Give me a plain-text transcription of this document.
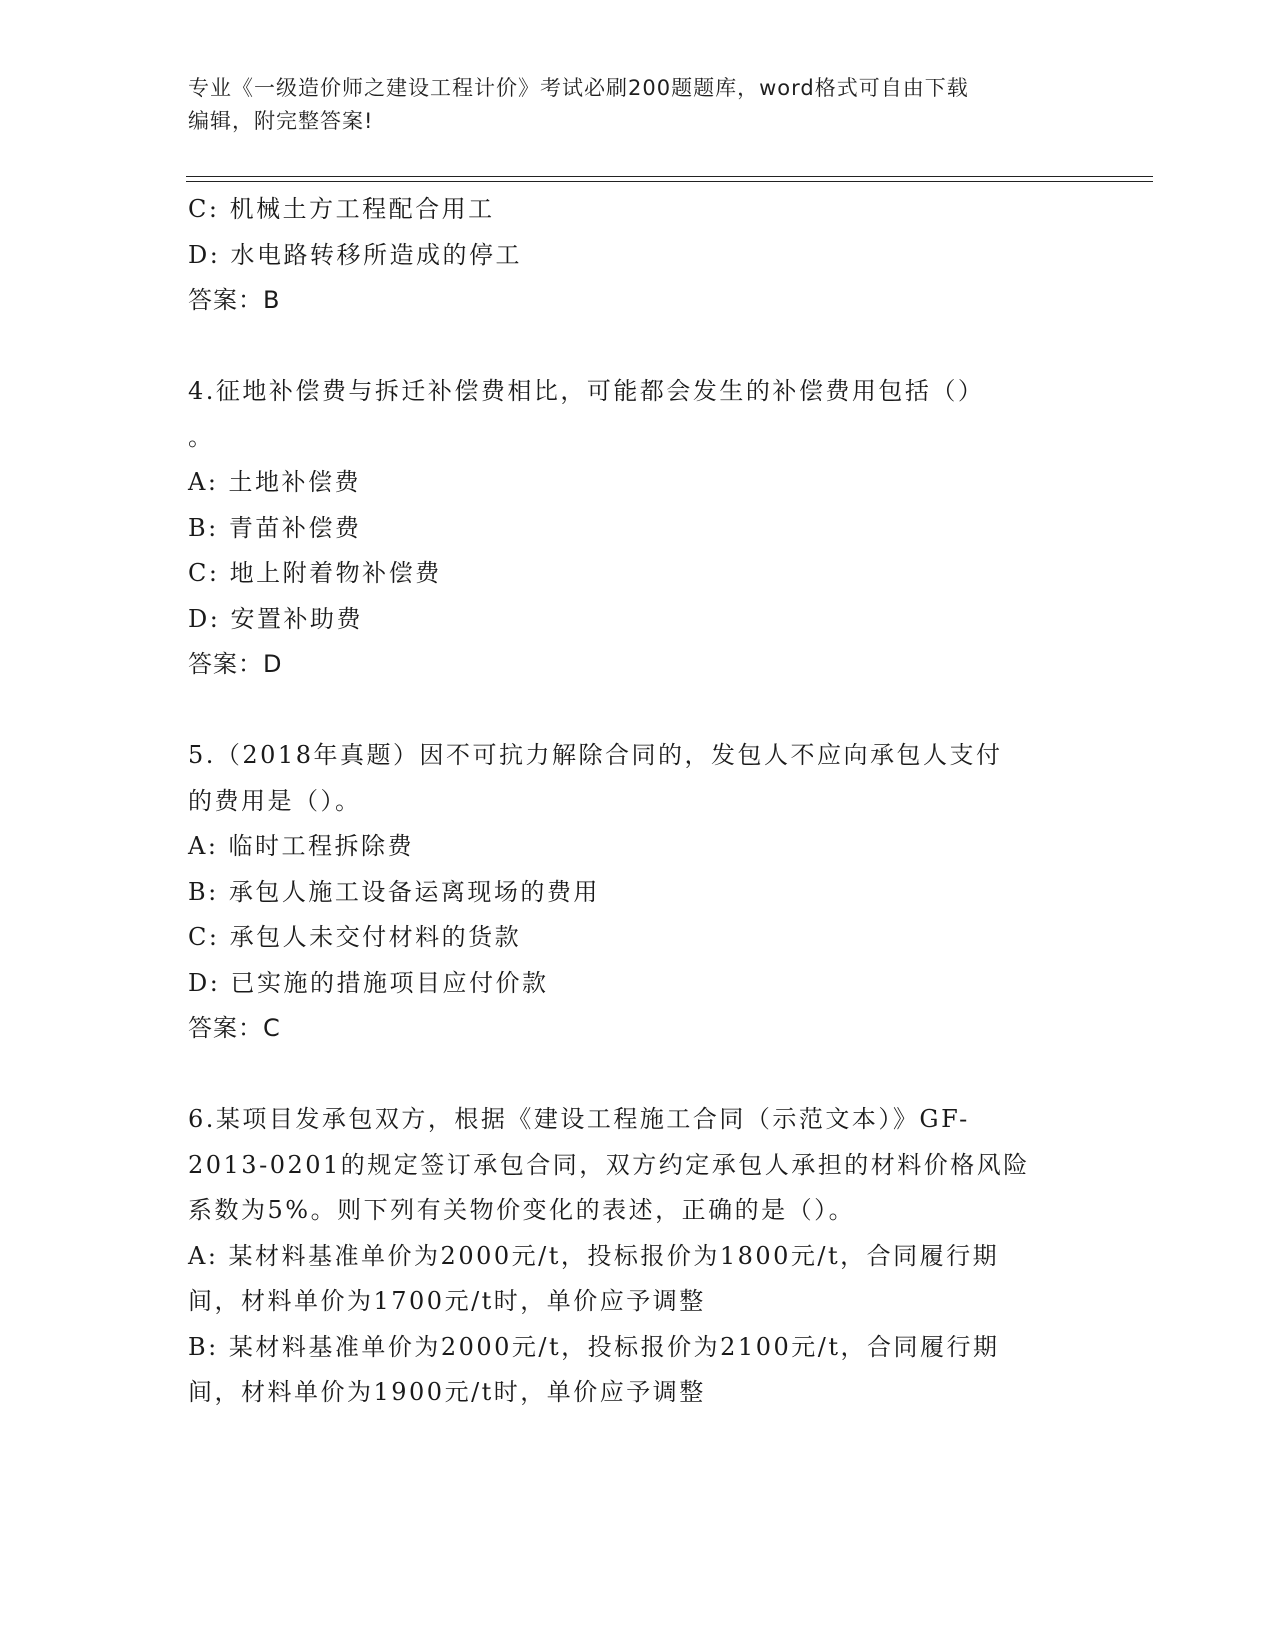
专业《一级造价师之建设工程计价》考试必刷200题题库，word格式可自由下载
编辑，附完整答案!
C: 机械土方工程配合用工
D: 水电路转移所造成的停工
答案：B
4.征地补偿费与拆迁补偿费相比，可能都会发生的补偿费用包括（）
。
A: 土地补偿费
B: 青苗补偿费
C: 地上附着物补偿费
D: 安置补助费
答案：D
5.（2018年真题）因不可抗力解除合同的，发包人不应向承包人支付
的费用是（）。
A: 临时工程拆除费
B: 承包人施工设备运离现场的费用
C: 承包人未交付材料的货款
D: 已实施的措施项目应付价款
答案：C
6.某项目发承包双方，根据《建设工程施工合同（示范文本）》GF-
2013-0201的规定签订承包合同，双方约定承包人承担的材料价格风险
系数为5%。则下列有关物价变化的表述，正确的是（）。
A: 某材料基准单价为2000元/t，投标报价为1800元/t，合同履行期
间，材料单价为1700元/t时，单价应予调整
B: 某材料基准单价为2000元/t，投标报价为2100元/t，合同履行期
间，材料单价为1900元/t时，单价应予调整
